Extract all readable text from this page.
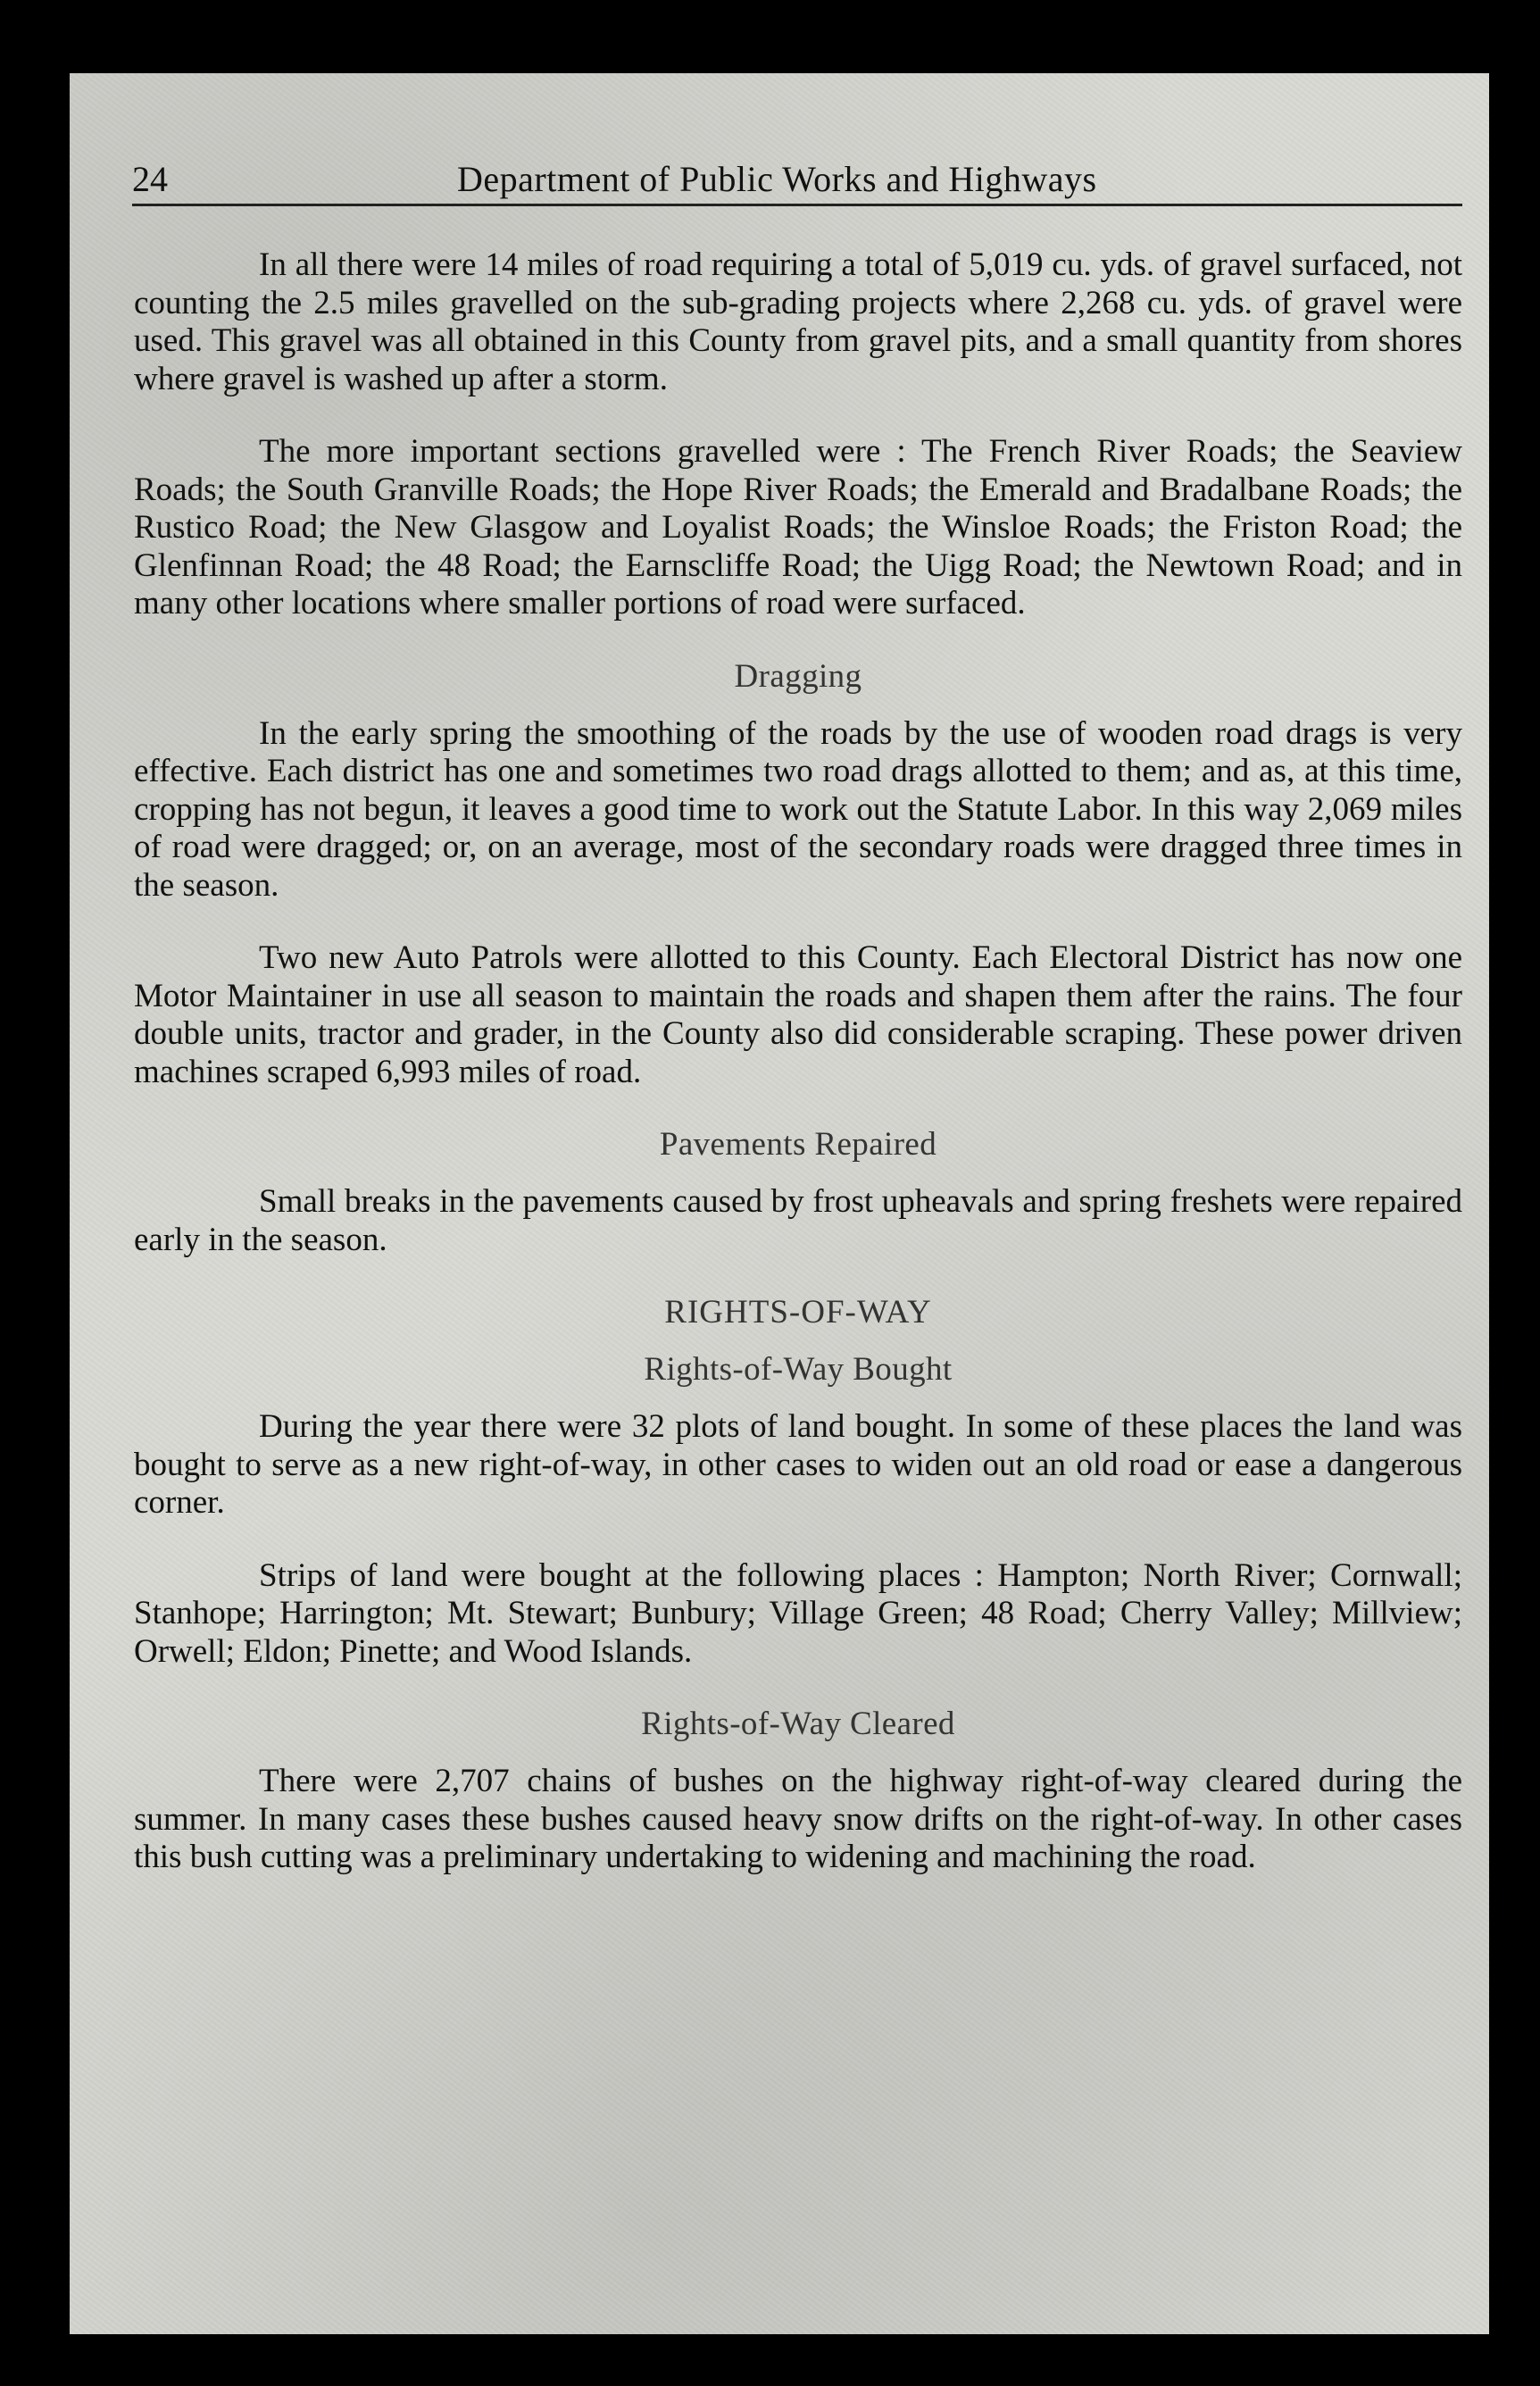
24	Department of Public Works and Highways

In all there were 14 miles of road requiring a total of 5,019 cu. yds. of gravel surfaced, not counting the 2.5 miles gravelled on the sub-grading projects where 2,268 cu. yds. of gravel were used. This gravel was all obtained in this County from gravel pits, and a small quantity from shores where gravel is washed up after a storm.

The more important sections gravelled were : The French River Roads; the Seaview Roads; the South Granville Roads; the Hope River Roads; the Emerald and Bradalbane Roads; the Rustico Road; the New Glasgow and Loyalist Roads; the Winsloe Roads; the Friston Road; the Glenfinnan Road; the 48 Road; the Earnscliffe Road; the Uigg Road; the Newtown Road; and in many other locations where smaller portions of road were surfaced.

Dragging

In the early spring the smoothing of the roads by the use of wooden road drags is very effective. Each district has one and sometimes two road drags allotted to them; and as, at this time, cropping has not begun, it leaves a good time to work out the Statute Labor. In this way 2,069 miles of road were dragged; or, on an average, most of the secondary roads were dragged three times in the season.

Two new Auto Patrols were allotted to this County. Each Electoral District has now one Motor Maintainer in use all season to maintain the roads and shapen them after the rains. The four double units, tractor and grader, in the County also did considerable scraping. These power driven machines scraped 6,993 miles of road.

Pavements Repaired

Small breaks in the pavements caused by frost upheavals and spring freshets were repaired early in the season.

RIGHTS-OF-WAY
Rights-of-Way Bought

During the year there were 32 plots of land bought. In some of these places the land was bought to serve as a new right-of-way, in other cases to widen out an old road or ease a dangerous corner.

Strips of land were bought at the following places : Hampton; North River; Cornwall; Stanhope; Harrington; Mt. Stewart; Bunbury; Village Green; 48 Road; Cherry Valley; Millview; Orwell; Eldon; Pinette; and Wood Islands.

Rights-of-Way Cleared

There were 2,707 chains of bushes on the highway right-of-way cleared during the summer. In many cases these bushes caused heavy snow drifts on the right-of-way. In other cases this bush cutting was a preliminary undertaking to widening and machining the road.
